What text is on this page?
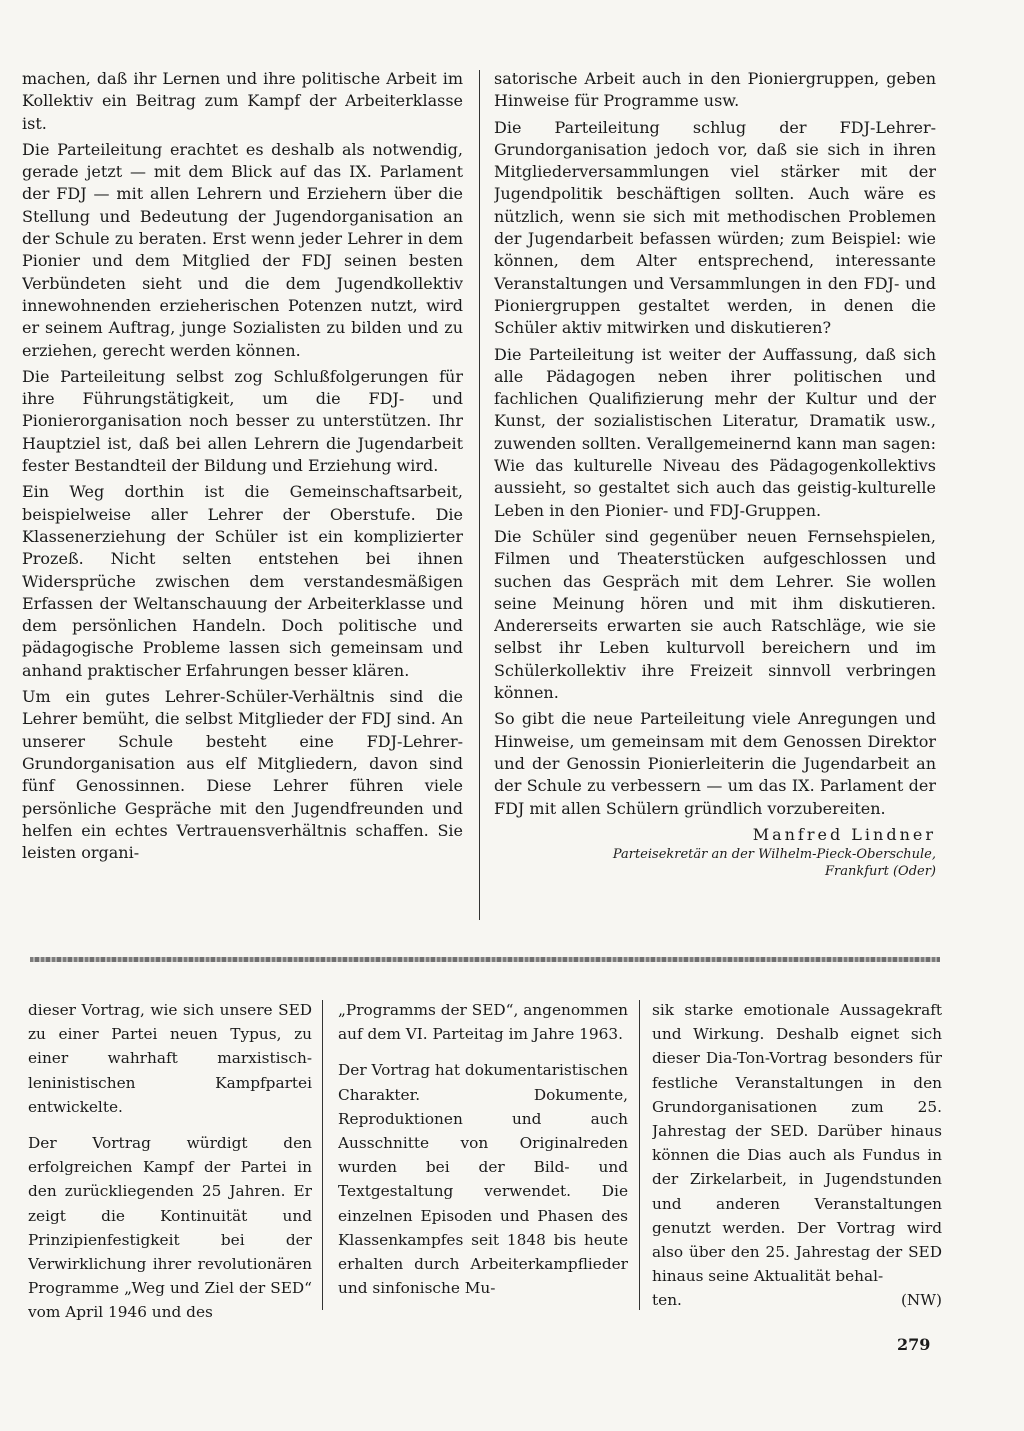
machen, daß ihr Lernen und ihre politische Arbeit im Kollektiv ein Beitrag zum Kampf der Arbeiterklasse ist.

Die Parteileitung erachtet es deshalb als notwendig, gerade jetzt — mit dem Blick auf das IX. Parlament der FDJ — mit allen Lehrern und Erziehern über die Stellung und Bedeutung der Jugendorganisation an der Schule zu beraten. Erst wenn jeder Lehrer in dem Pionier und dem Mitglied der FDJ seinen besten Verbündeten sieht und die dem Jugendkollektiv innewohnenden erzieherischen Potenzen nutzt, wird er seinem Auftrag, junge Sozialisten zu bilden und zu erziehen, gerecht werden können.

Die Parteileitung selbst zog Schlußfolgerungen für ihre Führungstätigkeit, um die FDJ- und Pionierorganisation noch besser zu unterstützen. Ihr Hauptziel ist, daß bei allen Lehrern die Jugendarbeit fester Bestandteil der Bildung und Erziehung wird.

Ein Weg dorthin ist die Gemeinschaftsarbeit, beispielweise aller Lehrer der Oberstufe. Die Klassenerziehung der Schüler ist ein komplizierter Prozeß. Nicht selten entstehen bei ihnen Widersprüche zwischen dem verstandesmäßigen Erfassen der Weltanschauung der Arbeiterklasse und dem persönlichen Handeln. Doch politische und pädagogische Probleme lassen sich gemeinsam und anhand praktischer Erfahrungen besser klären.

Um ein gutes Lehrer-Schüler-Verhältnis sind die Lehrer bemüht, die selbst Mitglieder der FDJ sind. An unserer Schule besteht eine FDJ-Lehrer-Grundorganisation aus elf Mitgliedern, davon sind fünf Genossinnen. Diese Lehrer führen viele persönliche Gespräche mit den Jugendfreunden und helfen ein echtes Vertrauensverhältnis schaffen. Sie leisten organi-

satorische Arbeit auch in den Pioniergruppen, geben Hinweise für Programme usw.

Die Parteileitung schlug der FDJ-Lehrer-Grundorganisation jedoch vor, daß sie sich in ihren Mitgliederversammlungen viel stärker mit der Jugendpolitik beschäftigen sollten. Auch wäre es nützlich, wenn sie sich mit methodischen Problemen der Jugendarbeit befassen würden; zum Beispiel: wie können, dem Alter entsprechend, interessante Veranstaltungen und Versammlungen in den FDJ- und Pioniergruppen gestaltet werden, in denen die Schüler aktiv mitwirken und diskutieren?

Die Parteileitung ist weiter der Auffassung, daß sich alle Pädagogen neben ihrer politischen und fachlichen Qualifizierung mehr der Kultur und der Kunst, der sozialistischen Literatur, Dramatik usw., zuwenden sollten. Verallgemeinernd kann man sagen: Wie das kulturelle Niveau des Pädagogenkollektivs aussieht, so gestaltet sich auch das geistig-kulturelle Leben in den Pionier- und FDJ-Gruppen.

Die Schüler sind gegenüber neuen Fernsehspielen, Filmen und Theaterstücken aufgeschlossen und suchen das Gespräch mit dem Lehrer. Sie wollen seine Meinung hören und mit ihm diskutieren. Andererseits erwarten sie auch Ratschläge, wie sie selbst ihr Leben kulturvoll bereichern und im Schülerkollektiv ihre Freizeit sinnvoll verbringen können.

So gibt die neue Parteileitung viele Anregungen und Hinweise, um gemeinsam mit dem Genossen Direktor und der Genossin Pionierleiterin die Jugendarbeit an der Schule zu verbessern — um das IX. Parlament der FDJ mit allen Schülern gründlich vorzubereiten.

Manfred Lindner
Parteisekretär an der Wilhelm-Pieck-Oberschule,
Frankfurt (Oder)

dieser Vortrag, wie sich unsere SED zu einer Partei neuen Typus, zu einer wahrhaft marxistisch-leninistischen Kampfpartei entwickelte.

Der Vortrag würdigt den erfolgreichen Kampf der Partei in den zurückliegenden 25 Jahren. Er zeigt die Kontinuität und Prinzipienfestigkeit bei der Verwirklichung ihrer revolutionären Programme „Weg und Ziel der SED“ vom April 1946 und des

„Programms der SED“, angenommen auf dem VI. Parteitag im Jahre 1963.

Der Vortrag hat dokumentaristischen Charakter. Dokumente, Reproduktionen und auch Ausschnitte von Originalreden wurden bei der Bild- und Textgestaltung verwendet. Die einzelnen Episoden und Phasen des Klassenkampfes seit 1848 bis heute erhalten durch Arbeiterkampflieder und sinfonische Mu-

sik starke emotionale Aussagekraft und Wirkung. Deshalb eignet sich dieser Dia-Ton-Vortrag besonders für festliche Veranstaltungen in den Grundorganisationen zum 25. Jahrestag der SED. Darüber hinaus können die Dias auch als Fundus in der Zirkelarbeit, in Jugendstunden und anderen Veranstaltungen genutzt werden. Der Vortrag wird also über den 25. Jahrestag der SED hinaus seine Aktualität behal-

ten.	(NW)
279
